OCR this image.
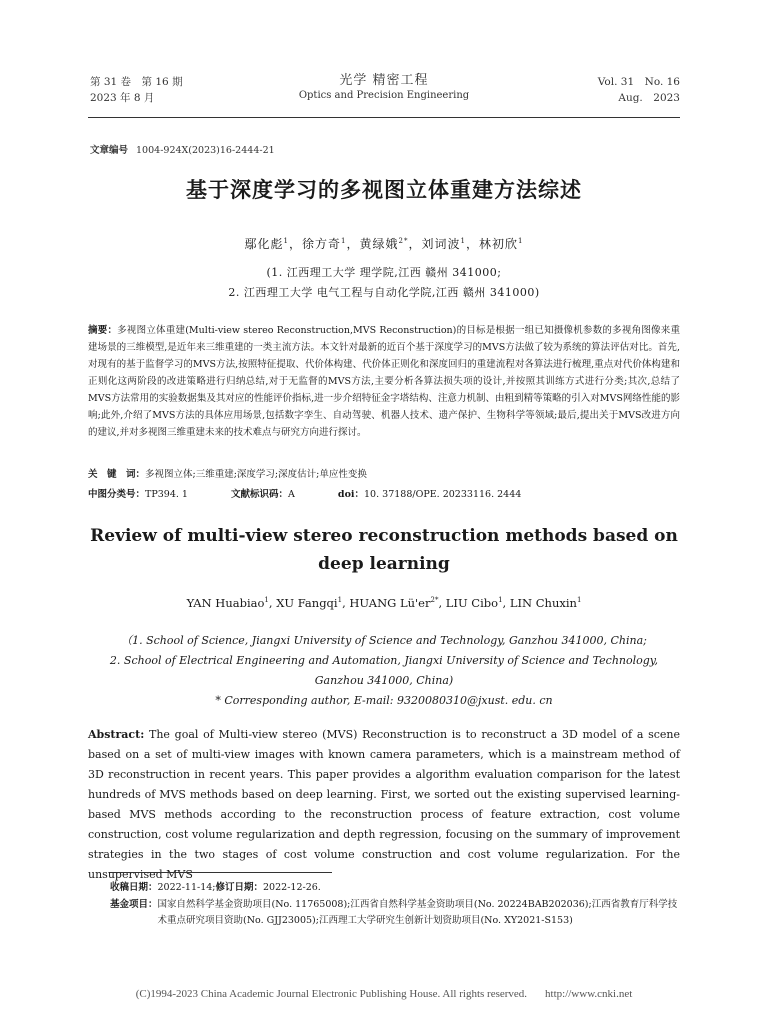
第 31 卷　第 16 期
2023 年 8 月
光学 精密工程
Optics and Precision Engineering
Vol. 31　No. 16
Aug.　2023
文章编号 1004-924X(2023)16-2444-21
基于深度学习的多视图立体重建方法综述
鄢化彪$^1$，徐方奇$^1$，黄绿娥$^{2*}$，刘词波$^1$，林初欣$^1$
(1. 江西理工大学 理学院,江西 赣州 341000;
2. 江西理工大学 电气工程与自动化学院,江西 赣州 341000)
摘要：多视图立体重建(Multi-view stereo Reconstruction,MVS Reconstruction)的目标是根据一组已知摄像机参数的多视角图像来重建场景的三维模型,是近年来三维重建的一类主流方法。本文针对最新的近百个基于深度学习的MVS方法做了较为系统的算法评估对比。首先,对现有的基于监督学习的MVS方法,按照特征提取、代价体构建、代价体正则化和深度回归的重建流程对各算法进行梳理,重点对代价体构建和正则化这两阶段的改进策略进行归纳总结,对于无监督的MVS方法,主要分析各算法损失项的设计,并按照其训练方式进行分类;其次,总结了MVS方法常用的实验数据集及其对应的性能评价指标,进一步介绍特征金字塔结构、注意力机制、由粗到精等策略的引入对MVS网络性能的影响;此外,介绍了MVS方法的具体应用场景,包括数字孪生、自动驾驶、机器人技术、遗产保护、生物科学等领域;最后,提出关于MVS改进方向的建议,并对多视图三维重建未来的技术难点与研究方向进行探讨。
关　键　词：多视图立体;三维重建;深度学习;深度估计;单应性变换
中图分类号：TP394. 1	文献标识码：A	doi：10. 37188/OPE. 20233116. 2444
Review of multi-view stereo reconstruction methods based on
deep learning
YAN Huabiao$^1$, XU Fangqi$^1$, HUANG $Lü'er^{2*}$, LIU Cibo$^1$, LIN Chuxin$^1$
（1. School of Science, Jiangxi University of Science and Technology, Ganzhou 341000, China;
2. School of Electrical Engineering and Automation, Jiangxi University of Science and Technology,
Ganzhou 341000, China)
* Corresponding author, E-mail: 9320080310@jxust. edu. cn
Abstract: The goal of Multi-view stereo (MVS) Reconstruction is to reconstruct a 3D model of a scene based on a set of multi-view images with known camera parameters, which is a mainstream method of 3D reconstruction in recent years. This paper provides a algorithm evaluation comparison for the latest hundreds of MVS methods based on deep learning. First, we sorted out the existing supervised learning-based MVS methods according to the reconstruction process of feature extraction, cost volume construction, cost volume regularization and depth regression, focusing on the summary of improvement strategies in the two stages of cost volume construction and cost volume regularization. For the unsupervised MVS
收稿日期：2022-11-14;修订日期：2022-12-26.
基金项目： 国家自然科学基金资助项目(No. 11765008);江西省自然科学基金资助项目(No. 20224BAB202036);江西省教育厅科学技术重点研究项目资助(No. GJJ23005);江西理工大学研究生创新计划资助项目(No. XY2021-S153)
(C)1994-2023 China Academic Journal Electronic Publishing House. All rights reserved. http://www.cnki.net
